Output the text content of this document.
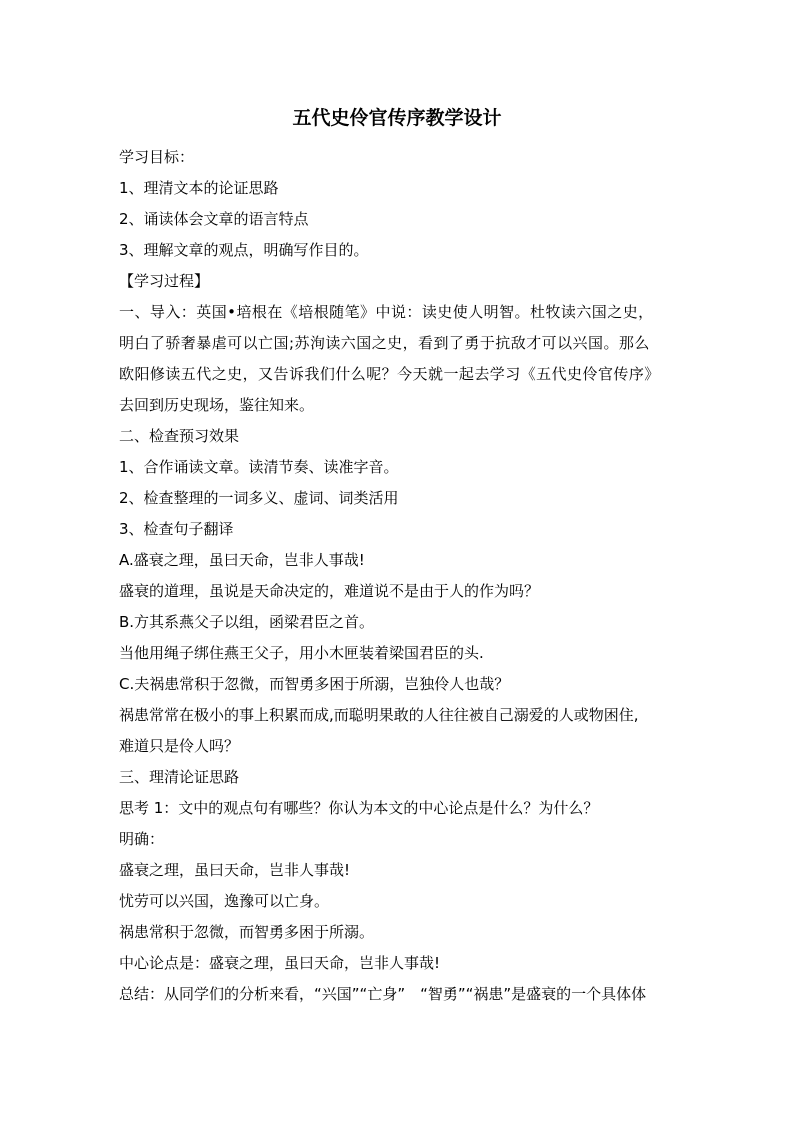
五代史伶官传序教学设计

学习目标：

1、理清文本的论证思路

2、诵读体会文章的语言特点

3、理解文章的观点，明确写作目的。

【学习过程】

一、导入：英国•培根在《培根随笔》中说：读史使人明智。杜牧读六国之史，

明白了骄奢暴虐可以亡国;苏洵读六国之史，看到了勇于抗敌才可以兴国。那么

欧阳修读五代之史，又告诉我们什么呢？今天就一起去学习《五代史伶官传序》

去回到历史现场，鉴往知来。

二、检查预习效果

1、合作诵读文章。读清节奏、读准字音。

2、检查整理的一词多义、虚词、词类活用

3、检查句子翻译

A.盛衰之理，虽曰天命，岂非人事哉!

盛衰的道理，虽说是天命决定的，难道说不是由于人的作为吗？

B.方其系燕父子以组，函梁君臣之首。

当他用绳子绑住燕王父子，用小木匣装着梁国君臣的头.

C.夫祸患常积于忽微，而智勇多困于所溺，岂独伶人也哉？

祸患常常在极小的事上积累而成,而聪明果敢的人往往被自己溺爱的人或物困住,

难道只是伶人吗？

三、理清论证思路

思考 1：文中的观点句有哪些？你认为本文的中心论点是什么？为什么？

明确：

盛衰之理，虽曰天命，岂非人事哉!

忧劳可以兴国，逸豫可以亡身。

祸患常积于忽微，而智勇多困于所溺。

中心论点是：盛衰之理，虽曰天命，岂非人事哉!

总结：从同学们的分析来看，“兴国”“亡身”　“智勇”“祸患”是盛衰的一个具体体
